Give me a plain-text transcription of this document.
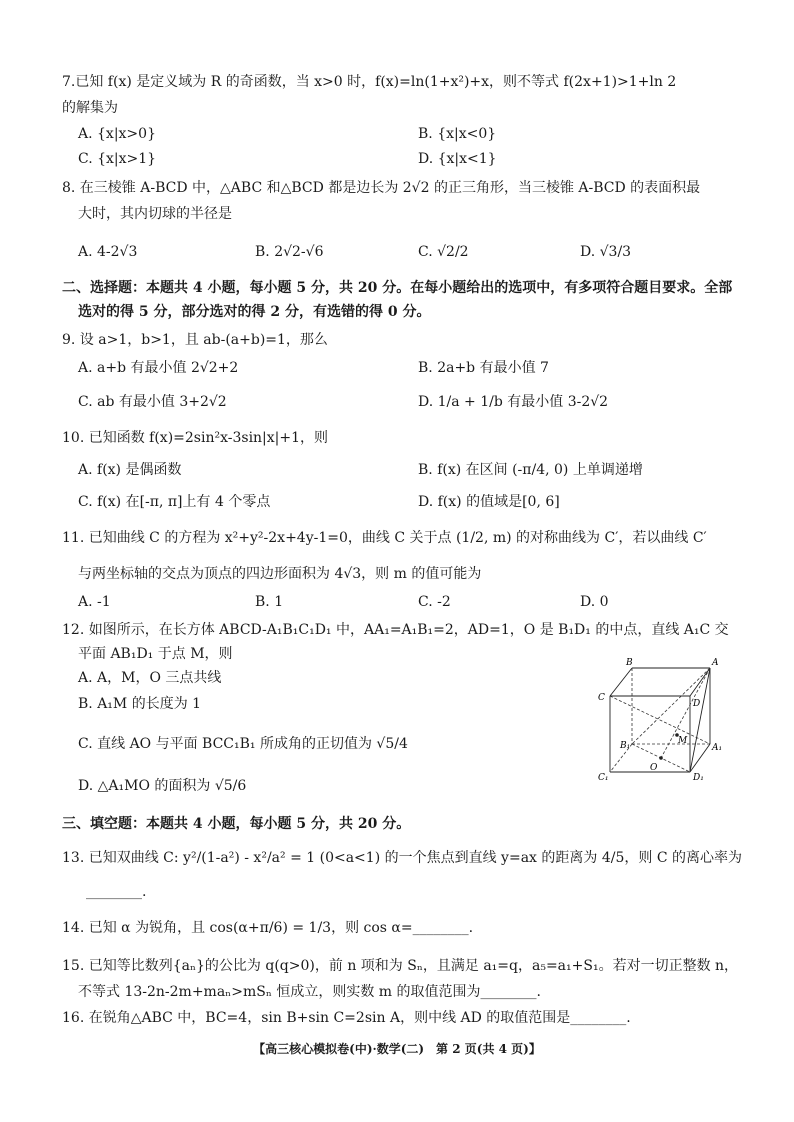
7.已知 f(x) 是定义域为 R 的奇函数，当 x>0 时，f(x)=ln(1+x²)+x，则不等式 f(2x+1)>1+ln 2
的解集为
A. {x|x>0}	B. {x|x<0}
C. {x|x>1}	D. {x|x<1}
8. 在三棱锥 A-BCD 中，△ABC 和△BCD 都是边长为 2√2 的正三角形，当三棱锥 A-BCD 的表面积最
大时，其内切球的半径是
A. 4-2√3	B. 2√2-√6	C. √2/2	D. √3/3
二、选择题：本题共 4 小题，每小题 5 分，共 20 分。在每小题给出的选项中，有多项符合题目要求。全部
选对的得 5 分，部分选对的得 2 分，有选错的得 0 分。
9. 设 a>1，b>1，且 ab-(a+b)=1，那么
A. a+b 有最小值 2√2+2	B. 2a+b 有最小值 7
C. ab 有最小值 3+2√2	D. 1/a + 1/b 有最小值 3-2√2
10. 已知函数 f(x)=2sin²x-3sin|x|+1，则
A. f(x) 是偶函数	B. f(x) 在区间 (-π/4, 0) 上单调递增
C. f(x) 在[-π, π]上有 4 个零点	D. f(x) 的值域是[0, 6]
11. 已知曲线 C 的方程为 x²+y²-2x+4y-1=0，曲线 C 关于点 (1/2, m) 的对称曲线为 C′，若以曲线 C′
与两坐标轴的交点为顶点的四边形面积为 4√3，则 m 的值可能为
A. -1	B. 1	C. -2	D. 0
12. 如图所示，在长方体 ABCD-A₁B₁C₁D₁ 中，AA₁=A₁B₁=2，AD=1，O 是 B₁D₁ 的中点，直线 A₁C 交
平面 AB₁D₁ 于点 M，则
A. A，M，O 三点共线
B. A₁M 的长度为 1
C. 直线 AO 与平面 BCC₁B₁ 所成角的正切值为 √5/4
D. △A₁MO 的面积为 √5/6
B	A
C
D
B₁	M
A₁
C₁
O
D₁
三、填空题：本题共 4 小题，每小题 5 分，共 20 分。
13. 已知双曲线 C: y²/(1-a²) - x²/a² = 1 (0<a<1) 的一个焦点到直线 y=ax 的距离为 4/5，则 C 的离心率为
________.
14. 已知 α 为锐角，且 cos(α+π/6) = 1/3，则 cos α=________.
15. 已知等比数列{aₙ}的公比为 q(q>0)，前 n 项和为 Sₙ，且满足 a₁=q，a₅=a₁+S₁。若对一切正整数 n，
不等式 13-2n-2m+maₙ>mSₙ 恒成立，则实数 m 的取值范围为________.
16. 在锐角△ABC 中，BC=4，sin B+sin C=2sin A，则中线 AD 的取值范围是________.
【高三核心模拟卷(中)·数学(二)　第 2 页(共 4 页)】
